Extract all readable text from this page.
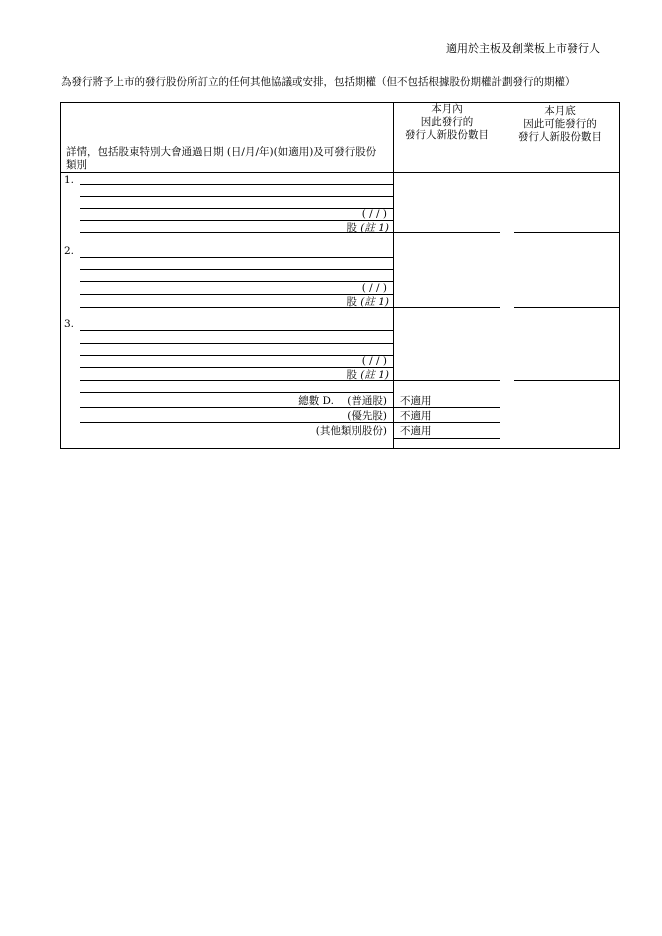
適用於主板及創業板上市發行人
為發行將予上市的發行股份所訂立的任何其他協議或安排，包括期權（但不包括根據股份期權計劃發行的期權）
詳情，包括股東特別大會通過日期 (日/月/年)(如適用)及可發行股份類別
本月內
因此發行的
發行人新股份數目
本月底
因此可能發行的
發行人新股份數目
1.
( / / )
股 (註 1)
2.
( / / )
股 (註 1)
3.
( / / )
股 (註 1)
總數 D. (普通股) 不適用
(優先股) 不適用
(其他類別股份) 不適用
